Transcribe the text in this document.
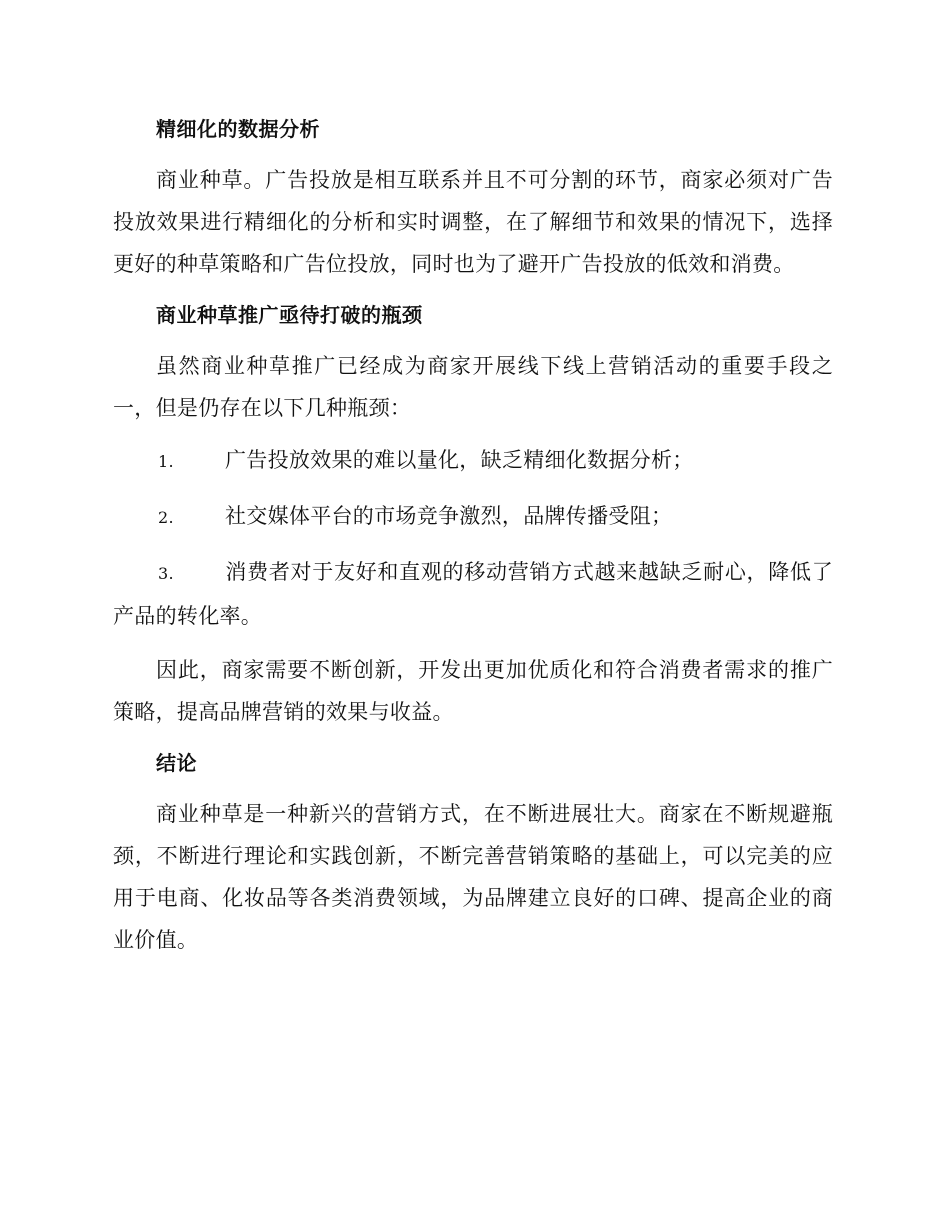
精细化的数据分析

商业种草。广告投放是相互联系并且不可分割的环节，商家必须对广告投放效果进行精细化的分析和实时调整，在了解细节和效果的情况下，选择更好的种草策略和广告位投放，同时也为了避开广告投放的低效和消费。

商业种草推广亟待打破的瓶颈

虽然商业种草推广已经成为商家开展线下线上营销活动的重要手段之一，但是仍存在以下几种瓶颈：

1. 广告投放效果的难以量化，缺乏精细化数据分析；

2. 社交媒体平台的市场竞争激烈，品牌传播受阻；

3. 消费者对于友好和直观的移动营销方式越来越缺乏耐心，降低了产品的转化率。

因此，商家需要不断创新，开发出更加优质化和符合消费者需求的推广策略，提高品牌营销的效果与收益。

结论

商业种草是一种新兴的营销方式，在不断进展壮大。商家在不断规避瓶颈，不断进行理论和实践创新，不断完善营销策略的基础上，可以完美的应用于电商、化妆品等各类消费领域，为品牌建立良好的口碑、提高企业的商业价值。
